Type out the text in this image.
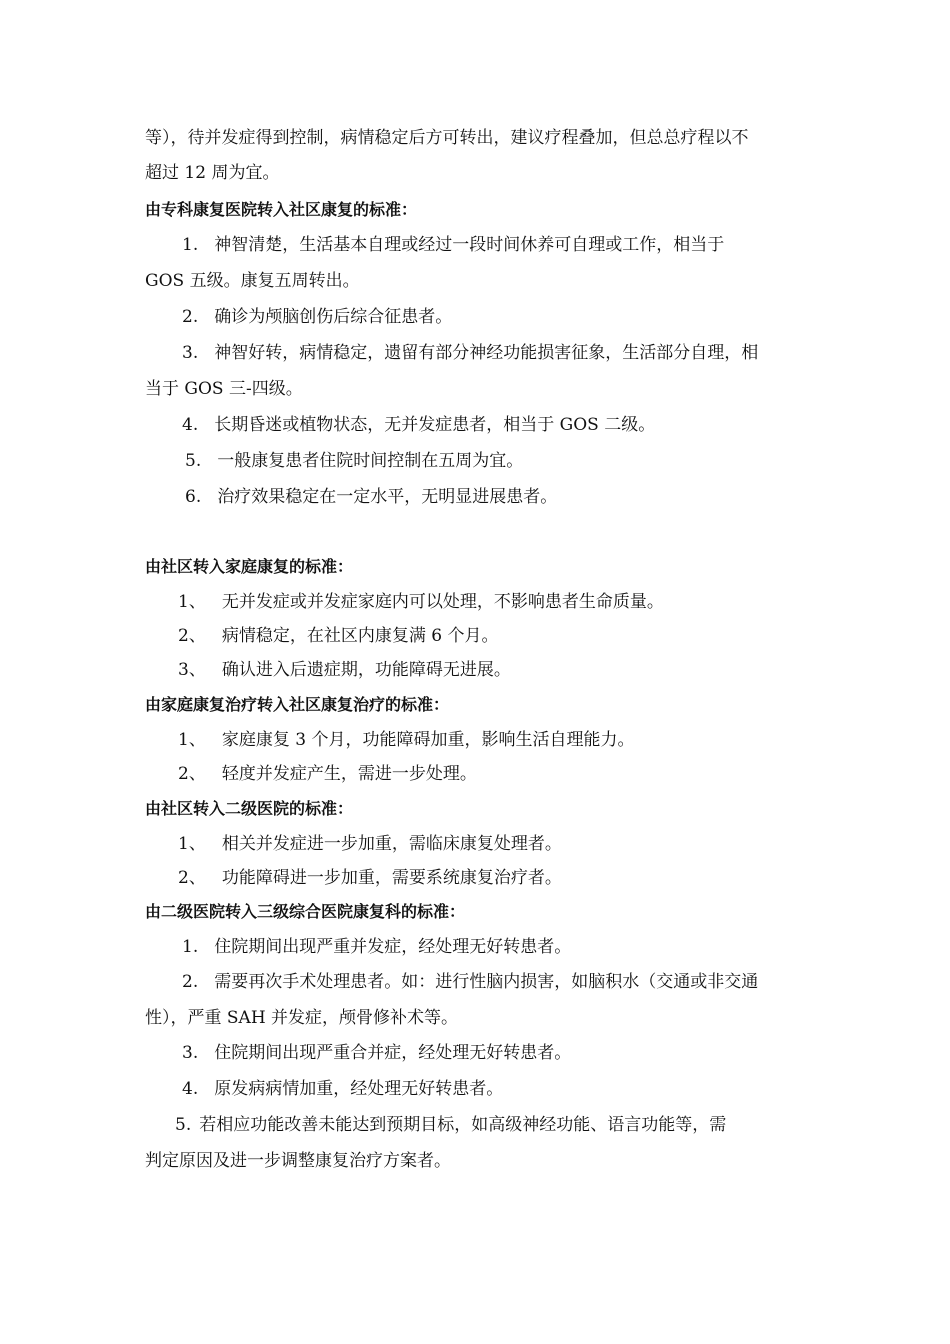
等），待并发症得到控制，病情稳定后方可转出，建议疗程叠加，但总总疗程以不
超过 12 周为宜。
由专科康复医院转入社区康复的标准：
1. 神智清楚，生活基本自理或经过一段时间休养可自理或工作，相当于
GOS 五级。康复五周转出。
2. 确诊为颅脑创伤后综合征患者。
3. 神智好转，病情稳定，遗留有部分神经功能损害征象，生活部分自理，相
当于 GOS 三-四级。
4. 长期昏迷或植物状态，无并发症患者，相当于 GOS 二级。
5. 一般康复患者住院时间控制在五周为宜。
6. 治疗效果稳定在一定水平，无明显进展患者。
由社区转入家庭康复的标准：
1、 无并发症或并发症家庭内可以处理，不影响患者生命质量。
2、 病情稳定，在社区内康复满 6 个月。
3、 确认进入后遗症期，功能障碍无进展。
由家庭康复治疗转入社区康复治疗的标准：
1、 家庭康复 3 个月，功能障碍加重，影响生活自理能力。
2、 轻度并发症产生，需进一步处理。
由社区转入二级医院的标准：
1、 相关并发症进一步加重，需临床康复处理者。
2、 功能障碍进一步加重，需要系统康复治疗者。
由二级医院转入三级综合医院康复科的标准：
1. 住院期间出现严重并发症，经处理无好转患者。
2. 需要再次手术处理患者。如：进行性脑内损害，如脑积水（交通或非交通
性），严重 SAH 并发症，颅骨修补术等。
3. 住院期间出现严重合并症，经处理无好转患者。
4. 原发病病情加重，经处理无好转患者。
5. 若相应功能改善未能达到预期目标，如高级神经功能、语言功能等，需
判定原因及进一步调整康复治疗方案者。
